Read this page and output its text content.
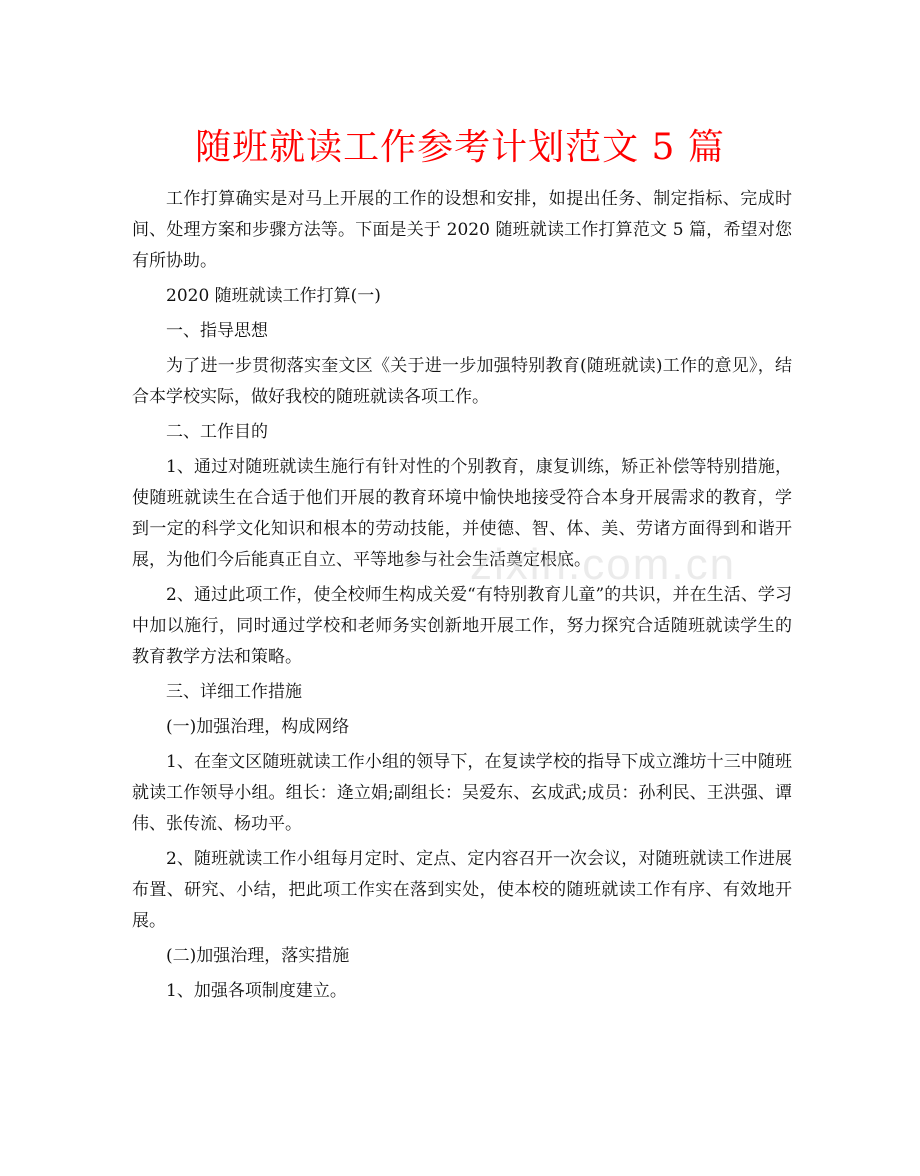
随班就读工作参考计划范文 5 篇

工作打算确实是对马上开展的工作的设想和安排，如提出任务、制定指标、完成时间、处理方案和步骤方法等。下面是关于 2020 随班就读工作打算范文 5 篇，希望对您有所协助。

2020 随班就读工作打算(一)

一、指导思想

为了进一步贯彻落实奎文区《关于进一步加强特别教育(随班就读)工作的意见》，结合本学校实际，做好我校的随班就读各项工作。

二、工作目的

1、通过对随班就读生施行有针对性的个别教育，康复训练，矫正补偿等特别措施，使随班就读生在合适于他们开展的教育环境中愉快地接受符合本身开展需求的教育，学到一定的科学文化知识和根本的劳动技能，并使德、智、体、美、劳诸方面得到和谐开展，为他们今后能真正自立、平等地参与社会生活奠定根底。

2、通过此项工作，使全校师生构成关爱“有特别教育儿童”的共识，并在生活、学习中加以施行，同时通过学校和老师务实创新地开展工作，努力探究合适随班就读学生的教育教学方法和策略。

三、详细工作措施

(一)加强治理，构成网络

1、在奎文区随班就读工作小组的领导下，在复读学校的指导下成立潍坊十三中随班就读工作领导小组。组长：逄立娟;副组长：吴爱东、玄成武;成员：孙利民、王洪强、谭伟、张传流、杨功平。

2、随班就读工作小组每月定时、定点、定内容召开一次会议，对随班就读工作进展布置、研究、小结，把此项工作实在落到实处，使本校的随班就读工作有序、有效地开展。

(二)加强治理，落实措施

1、加强各项制度建立。

zixin.com.cn
